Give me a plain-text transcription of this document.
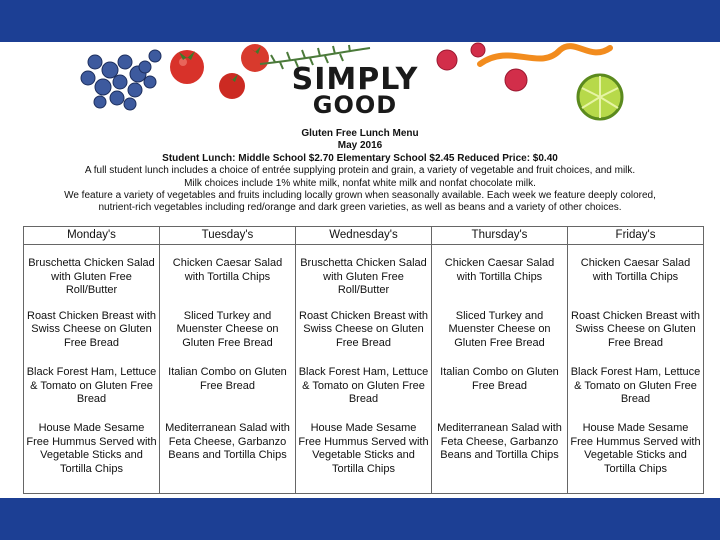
SIMPLY
GOOD
Gluten Free Lunch Menu
May 2016
Student Lunch: Middle School $2.70 Elementary School $2.45 Reduced Price: $0.40
A full student lunch includes a choice of entrée supplying protein and grain, a variety of vegetable and fruit choices, and milk.
Milk choices include 1% white milk, nonfat white milk and nonfat chocolate milk.
We feature a variety of vegetables and fruits including locally grown when seasonally available. Each week we feature deeply colored,
nutrient-rich vegetables including red/orange and dark green varieties, as well as beans and a variety of other choices.
Monday's	Tuesday's	Wednesday's	Thursday's	Friday's
Bruschetta Chicken Salad with Gluten Free Roll/Butter	Chicken Caesar Salad with Tortilla Chips	Bruschetta Chicken Salad with Gluten Free Roll/Butter	Chicken Caesar Salad with Tortilla Chips	Chicken Caesar Salad with Tortilla Chips
Roast Chicken Breast with Swiss Cheese on Gluten Free Bread	Sliced Turkey and Muenster Cheese on Gluten Free Bread	Roast Chicken Breast with Swiss Cheese on Gluten Free Bread	Sliced Turkey and Muenster Cheese on Gluten Free Bread	Roast Chicken Breast with Swiss Cheese on Gluten Free Bread
Black Forest Ham, Lettuce & Tomato on Gluten Free Bread	Italian Combo on Gluten Free Bread	Black Forest Ham, Lettuce & Tomato on Gluten Free Bread	Italian Combo on Gluten Free Bread	Black Forest Ham, Lettuce & Tomato on Gluten Free Bread
House Made Sesame Free Hummus Served with Vegetable Sticks and Tortilla Chips	Mediterranean Salad with Feta Cheese, Garbanzo Beans and Tortilla Chips	House Made Sesame Free Hummus Served with Vegetable Sticks and Tortilla Chips	Mediterranean Salad with Feta Cheese, Garbanzo Beans and Tortilla Chips	House Made Sesame Free Hummus Served with Vegetable Sticks and Tortilla Chips
